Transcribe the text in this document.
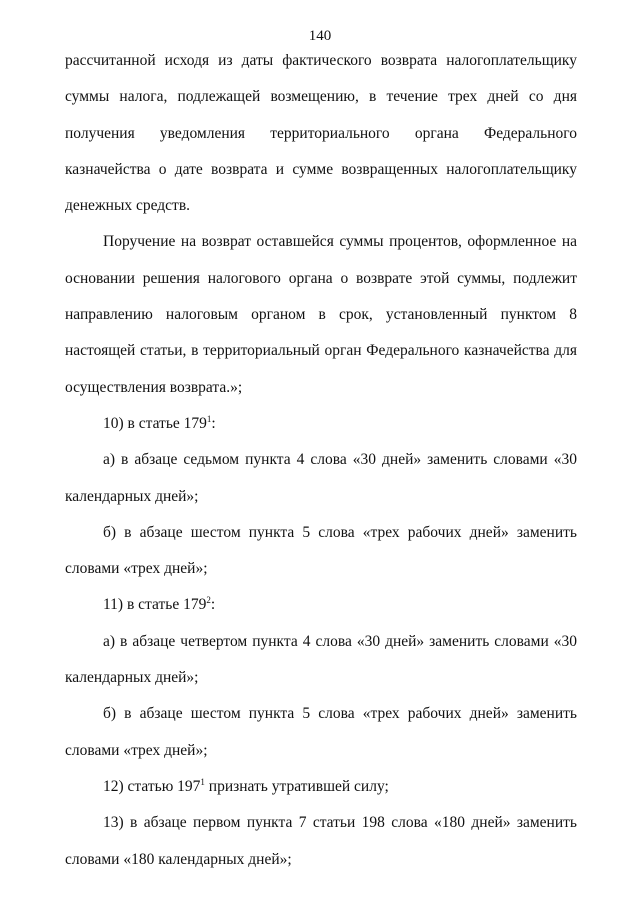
140

рассчитанной исходя из даты фактического возврата налогоплательщику
суммы налога, подлежащей возмещению, в течение трех дней со дня
получения уведомления территориального органа Федерального
казначейства о дате возврата и сумме возвращенных налогоплательщику
денежных средств.

Поручение на возврат оставшейся суммы процентов, оформленное на
основании решения налогового органа о возврате этой суммы, подлежит
направлению налоговым органом в срок, установленный пунктом 8
настоящей статьи, в территориальный орган Федерального казначейства для
осуществления возврата.»;

10) в статье $179^1$:

а) в абзаце седьмом пункта 4 слова «30 дней» заменить словами «30
календарных дней»;

б) в абзаце шестом пункта 5 слова «трех рабочих дней» заменить
словами «трех дней»;

11) в статье $179^2$:

а) в абзаце четвертом пункта 4 слова «30 дней» заменить словами «30
календарных дней»;

б) в абзаце шестом пункта 5 слова «трех рабочих дней» заменить
словами «трех дней»;

12) статью $197^1$ признать утратившей силу;

13) в абзаце первом пункта 7 статьи 198 слова «180 дней» заменить
словами «180 календарных дней»;
